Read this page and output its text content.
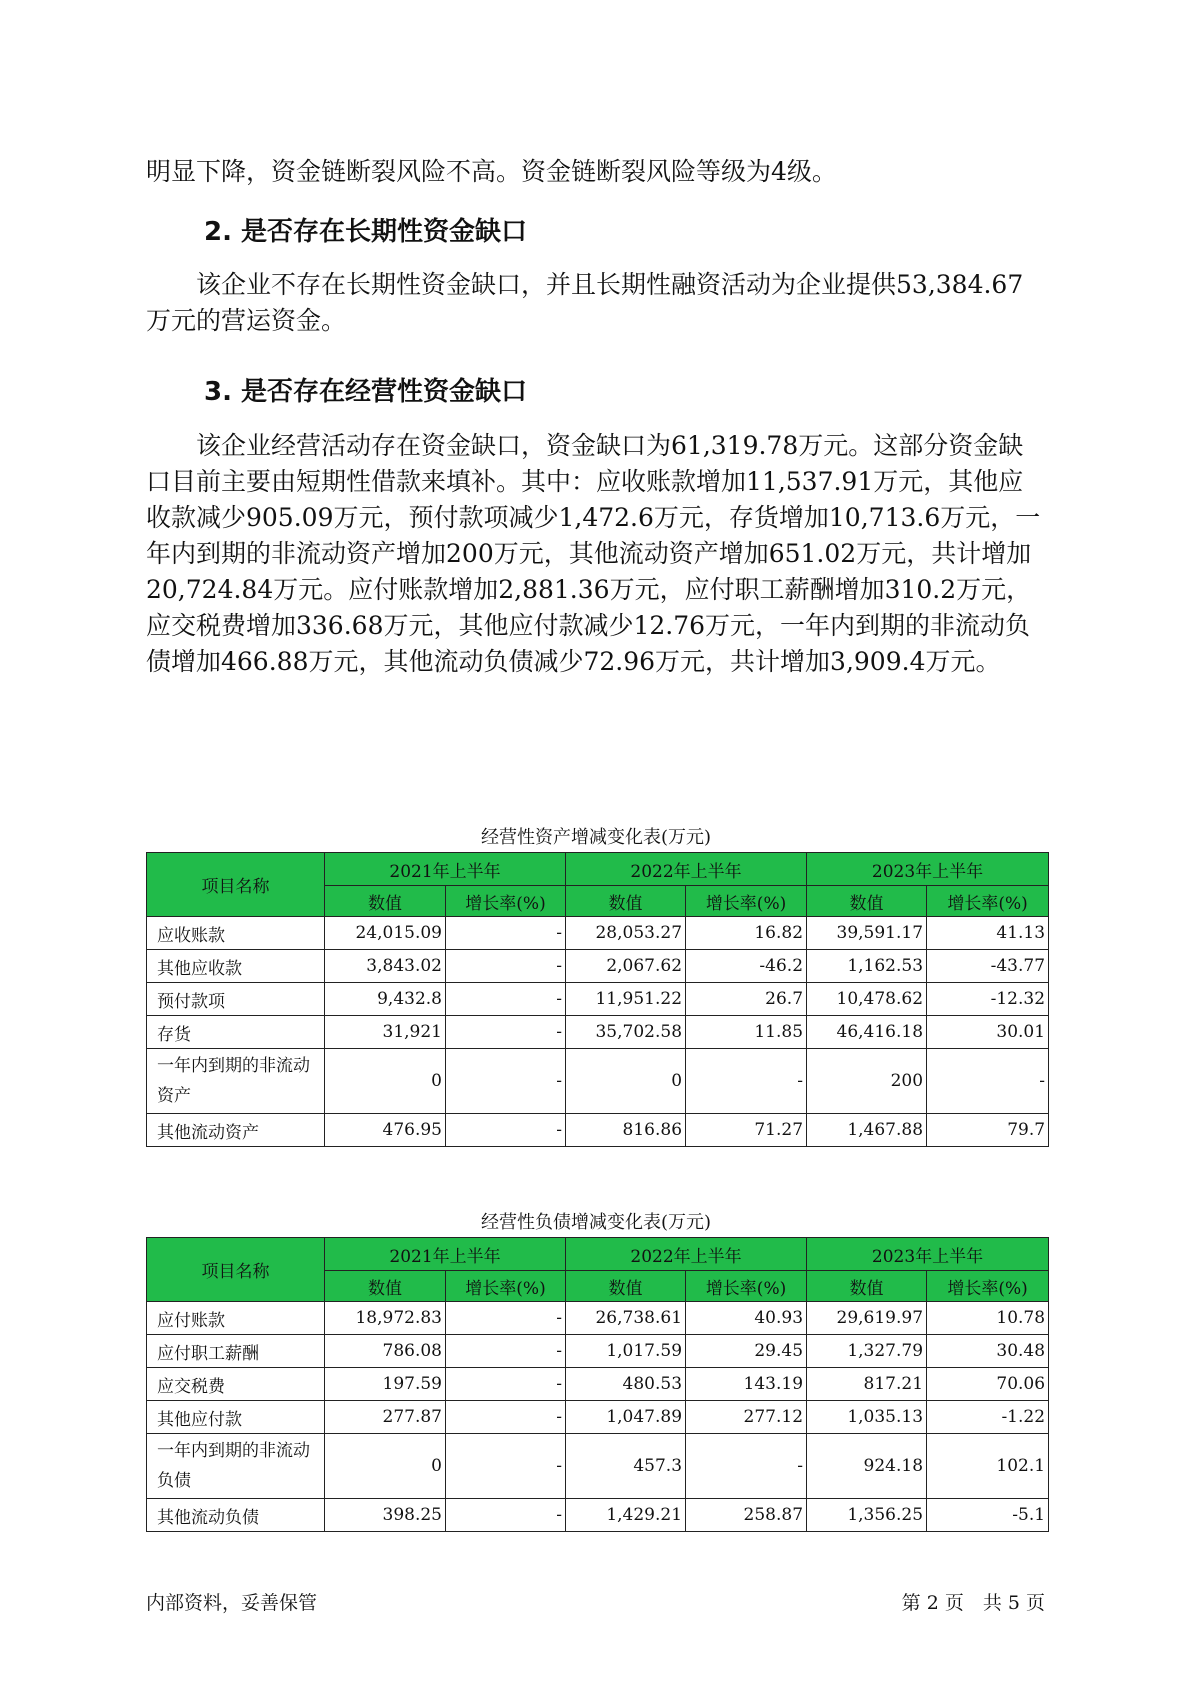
明显下降，资金链断裂风险不高。资金链断裂风险等级为4级。

2. 是否存在长期性资金缺口

　　该企业不存在长期性资金缺口，并且长期性融资活动为企业提供53,384.67万元的营运资金。

3. 是否存在经营性资金缺口

　　该企业经营活动存在资金缺口，资金缺口为61,319.78万元。这部分资金缺口目前主要由短期性借款来填补。其中：应收账款增加11,537.91万元，其他应收款减少905.09万元，预付款项减少1,472.6万元，存货增加10,713.6万元，一年内到期的非流动资产增加200万元，其他流动资产增加651.02万元，共计增加20,724.84万元。应付账款增加2,881.36万元，应付职工薪酬增加310.2万元，应交税费增加336.68万元，其他应付款减少12.76万元，一年内到期的非流动负债增加466.88万元，其他流动负债减少72.96万元，共计增加3,909.4万元。

经营性资产增减变化表(万元)
项目名称	2021年上半年		2022年上半年		2023年上半年	
	数值	增长率(%)	数值	增长率(%)	数值	增长率(%)
应收账款	24,015.09	-	28,053.27	16.82	39,591.17	41.13
其他应收款	3,843.02	-	2,067.62	-46.2	1,162.53	-43.77
预付款项	9,432.8	-	11,951.22	26.7	10,478.62	-12.32
存货	31,921	-	35,702.58	11.85	46,416.18	30.01
一年内到期的非流动资产	0	-	0	-	200	-
其他流动资产	476.95	-	816.86	71.27	1,467.88	79.7
经营性负债增减变化表(万元)
项目名称	2021年上半年		2022年上半年		2023年上半年	
	数值	增长率(%)	数值	增长率(%)	数值	增长率(%)
应付账款	18,972.83	-	26,738.61	40.93	29,619.97	10.78
应付职工薪酬	786.08	-	1,017.59	29.45	1,327.79	30.48
应交税费	197.59	-	480.53	143.19	817.21	70.06
其他应付款	277.87	-	1,047.89	277.12	1,035.13	-1.22
一年内到期的非流动负债	0	-	457.3	-	924.18	102.1
其他流动负债	398.25	-	1,429.21	258.87	1,356.25	-5.1
内部资料，妥善保管	第 2 页　共 5 页
